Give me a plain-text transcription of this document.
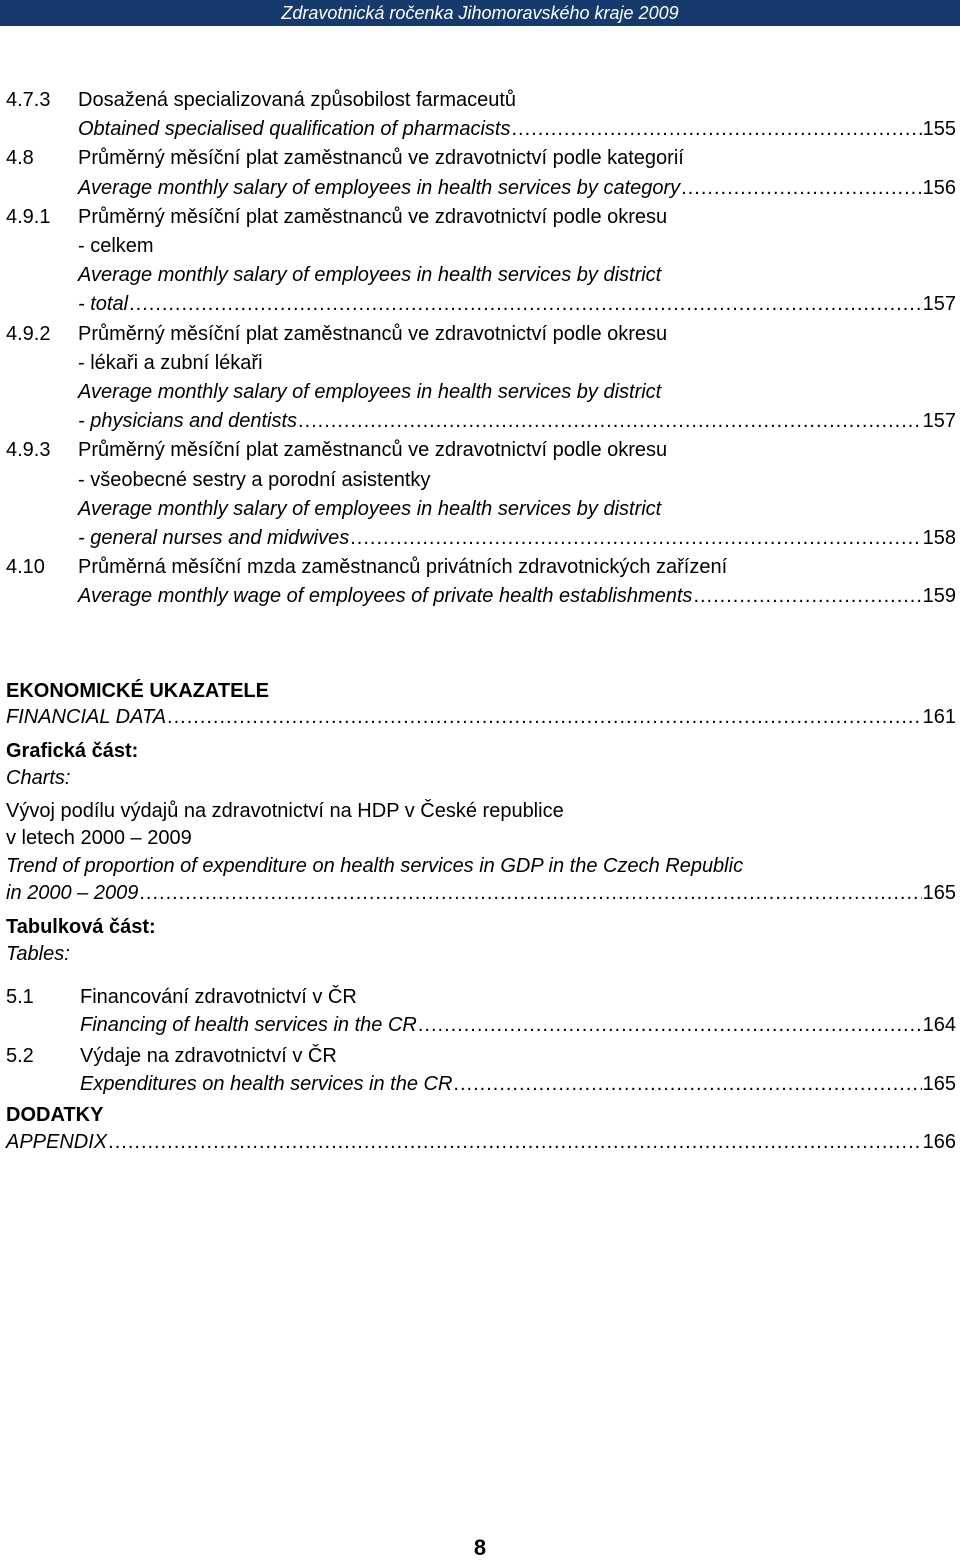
Zdravotnická ročenka Jihomoravského kraje 2009
4.7.3 Dosažená specializovaná způsobilost farmaceutů
Obtained specialised qualification of pharmacists .....	155
4.8 Průměrný měsíční plat zaměstnanců ve zdravotnictví podle kategorií
Average monthly salary of employees in health services by category .....	156
4.9.1 Průměrný měsíční plat zaměstnanců ve zdravotnictví podle okresu
- celkem
Average monthly salary of employees in health services by district
- total .....	157
4.9.2 Průměrný měsíční plat zaměstnanců ve zdravotnictví podle okresu
- lékaři a zubní lékaři
Average monthly salary of employees in health services by district
- physicians and dentists .....	157
4.9.3 Průměrný měsíční plat zaměstnanců ve zdravotnictví podle okresu
- všeobecné sestry a porodní asistentky
Average monthly salary of employees in health services by district
- general nurses and midwives .....	158
4.10 Průměrná měsíční mzda zaměstnanců privátních zdravotnických zařízení
Average monthly wage of employees of private health establishments .....	159
EKONOMICKÉ UKAZATELE
FINANCIAL DATA .....	161
Grafická část:
Charts:
Vývoj podílu výdajů na zdravotnictví na HDP v České republice
v letech 2000 – 2009
Trend of proportion of expenditure on health services in GDP in the Czech Republic
in 2000 – 2009 .....	165
Tabulková část:
Tables:
5.1 Financování zdravotnictví v ČR
Financing of health services in the CR .....	164
5.2 Výdaje na zdravotnictví v ČR
Expenditures on health services in the CR .....	165
DODATKY
APPENDIX .....	166
8
